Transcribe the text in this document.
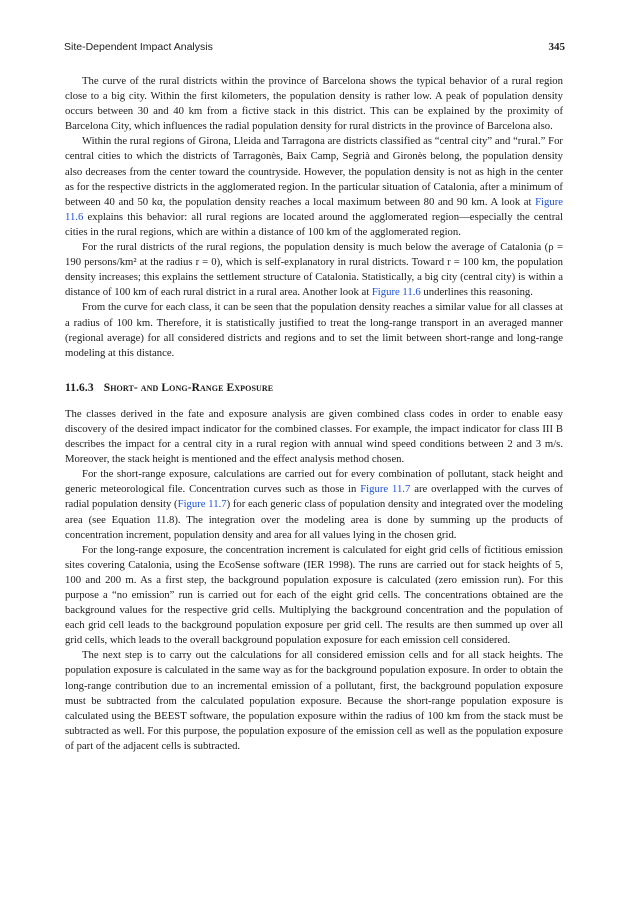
Site-Dependent Impact Analysis	345

The curve of the rural districts within the province of Barcelona shows the typical behavior of a rural region close to a big city. Within the first kilometers, the population density is rather low. A peak of population density occurs between 30 and 40 km from a fictive stack in this district. This can be explained by the proximity of Barcelona City, which influences the radial population density for rural districts in the province of Barcelona also.

Within the rural regions of Girona, Lleida and Tarragona are districts classified as “central city” and “rural.” For central cities to which the districts of Tarragonès, Baix Camp, Segrià and Gironès belong, the population density also decreases from the center toward the countryside. However, the population density is not as high in the center as for the respective districts in the agglomerated region. In the particular situation of Catalonia, after a minimum of between 40 and 50 kα, the population density reaches a local maximum between 80 and 90 km. A look at Figure 11.6 explains this behavior: all rural regions are located around the agglomerated region—especially the central cities in the rural regions, which are within a distance of 100 km of the agglomerated region.

For the rural districts of the rural regions, the population density is much below the average of Catalonia (ρ = 190 persons/km² at the radius r = 0), which is self-explanatory in rural districts. Toward r = 100 km, the population density increases; this explains the settlement structure of Catalonia. Statistically, a big city (central city) is within a distance of 100 km of each rural district in a rural area. Another look at Figure 11.6 underlines this reasoning.

From the curve for each class, it can be seen that the population density reaches a similar value for all classes at a radius of 100 km. Therefore, it is statistically justified to treat the long-range transport in an averaged manner (regional average) for all considered districts and regions and to set the limit between short-range and long-range modeling at this distance.

11.6.3 Short- and Long-Range Exposure

The classes derived in the fate and exposure analysis are given combined class codes in order to enable easy discovery of the desired impact indicator for the combined classes. For example, the impact indicator for class III B describes the impact for a central city in a rural region with annual wind speed conditions between 2 and 3 m/s. Moreover, the stack height is mentioned and the effect analysis method chosen.

For the short-range exposure, calculations are carried out for every combination of pollutant, stack height and generic meteorological file. Concentration curves such as those in Figure 11.7 are overlapped with the curves of radial population density (Figure 11.7) for each generic class of population density and integrated over the modeling area (see Equation 11.8). The integration over the modeling area is done by summing up the products of concentration increment, population density and area for all values lying in the chosen grid.

For the long-range exposure, the concentration increment is calculated for eight grid cells of fictitious emission sites covering Catalonia, using the EcoSense software (IER 1998). The runs are carried out for stack heights of 5, 100 and 200 m. As a first step, the background population exposure is calculated (zero emission run). For this purpose a “no emission” run is carried out for each of the eight grid cells. The concentrations obtained are the background values for the respective grid cells. Multiplying the background concentration and the population of each grid cell leads to the background population exposure per grid cell. The results are then summed up over all grid cells, which leads to the overall background population exposure for each emission cell considered.

The next step is to carry out the calculations for all considered emission cells and for all stack heights. The population exposure is calculated in the same way as for the background population exposure. In order to obtain the long-range contribution due to an incremental emission of a pollutant, first, the background population exposure must be subtracted from the calculated population exposure. Because the short-range population exposure is calculated using the BEEST software, the population exposure within the radius of 100 km from the stack must be subtracted as well. For this purpose, the population exposure of the emission cell as well as the population exposure of part of the adjacent cells is subtracted.
